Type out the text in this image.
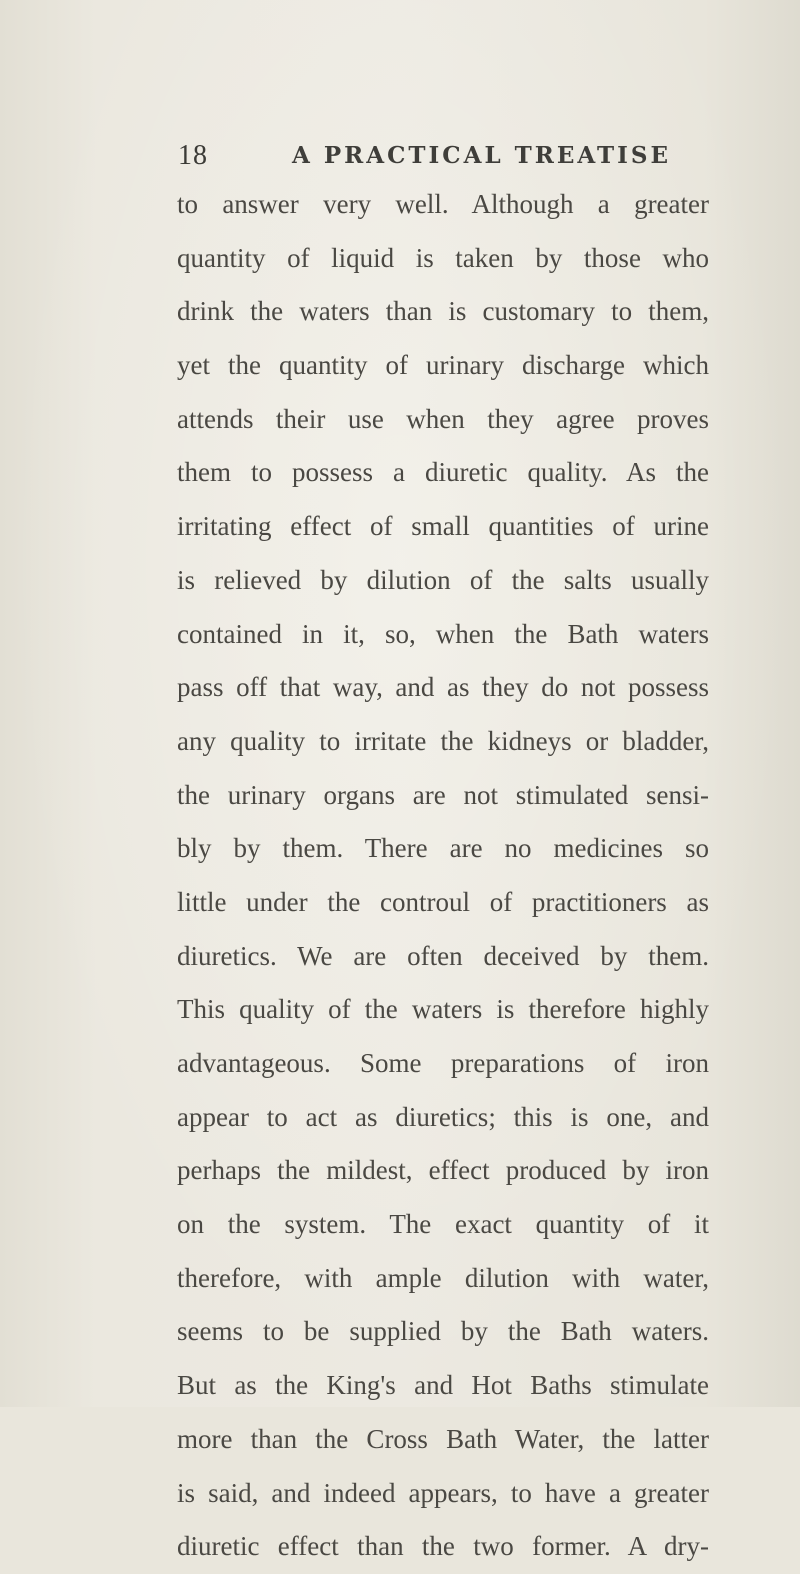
18	A PRACTICAL TREATISE
to answer very well. Although a greater
quantity of liquid is taken by those who
drink the waters than is customary to them,
yet the quantity of urinary discharge which
attends their use when they agree proves
them to possess a diuretic quality. As the
irritating effect of small quantities of urine
is relieved by dilution of the salts usually
contained in it, so, when the Bath waters
pass off that way, and as they do not possess
any quality to irritate the kidneys or bladder,
the urinary organs are not stimulated sensi-
bly by them. There are no medicines so
little under the controul of practitioners as
diuretics. We are often deceived by them.
This quality of the waters is therefore highly
advantageous. Some preparations of iron
appear to act as diuretics; this is one, and
perhaps the mildest, effect produced by iron
on the system. The exact quantity of it
therefore, with ample dilution with water,
seems to be supplied by the Bath waters.
But as the King's and Hot Baths stimulate
more than the Cross Bath Water, the latter
is said, and indeed appears, to have a greater
diuretic effect than the two former. A dry-
